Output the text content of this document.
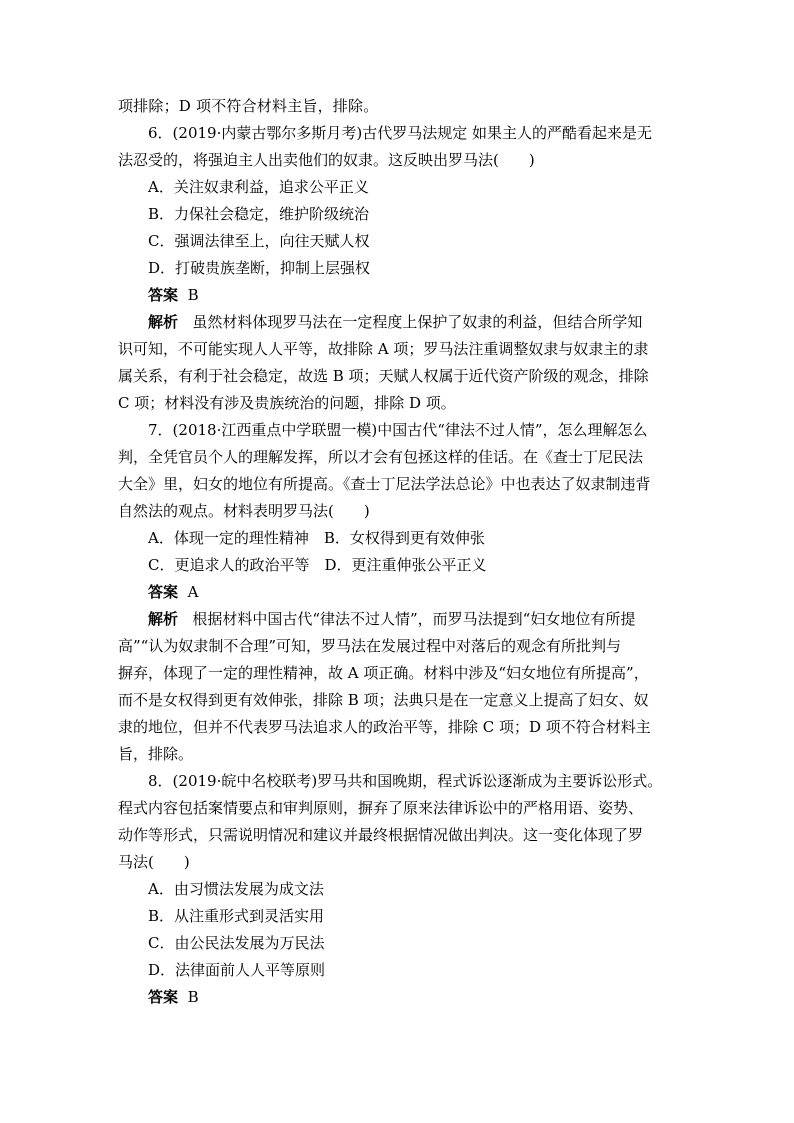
项排除；D 项不符合材料主旨，排除。
6．(2019·内蒙古鄂尔多斯月考)古代罗马法规定 如果主人的严酷看起来是无
法忍受的，将强迫主人出卖他们的奴隶。这反映出罗马法(　　)
A．关注奴隶利益，追求公平正义
B．力保社会稳定，维护阶级统治
C．强调法律至上，向往天赋人权
D．打破贵族垄断，抑制上层强权
答案 B
解析 虽然材料体现罗马法在一定程度上保护了奴隶的利益，但结合所学知
识可知，不可能实现人人平等，故排除 A 项；罗马法注重调整奴隶与奴隶主的隶
属关系，有利于社会稳定，故选 B 项；天赋人权属于近代资产阶级的观念，排除
C 项；材料没有涉及贵族统治的问题，排除 D 项。
7．(2018·江西重点中学联盟一模)中国古代“律法不过人情”，怎么理解怎么
判，全凭官员个人的理解发挥，所以才会有包拯这样的佳话。在《查士丁尼民法
大全》里，妇女的地位有所提高。《查士丁尼法学法总论》中也表达了奴隶制违背
自然法的观点。材料表明罗马法(　　)
A．体现一定的理性精神　B．女权得到更有效伸张
C．更追求人的政治平等　D．更注重伸张公平正义
答案 A
解析 根据材料中国古代“律法不过人情”，而罗马法提到“妇女地位有所提
高”“认为奴隶制不合理”可知，罗马法在发展过程中对落后的观念有所批判与
摒弃，体现了一定的理性精神，故 A 项正确。材料中涉及“妇女地位有所提高”，
而不是女权得到更有效伸张，排除 B 项；法典只是在一定意义上提高了妇女、奴
隶的地位，但并不代表罗马法追求人的政治平等，排除 C 项；D 项不符合材料主
旨，排除。
8．(2019·皖中名校联考)罗马共和国晚期，程式诉讼逐渐成为主要诉讼形式。
程式内容包括案情要点和审判原则，摒弃了原来法律诉讼中的严格用语、姿势、
动作等形式，只需说明情况和建议并最终根据情况做出判决。这一变化体现了罗
马法(　　)
A．由习惯法发展为成文法
B．从注重形式到灵活实用
C．由公民法发展为万民法
D．法律面前人人平等原则
答案 B
